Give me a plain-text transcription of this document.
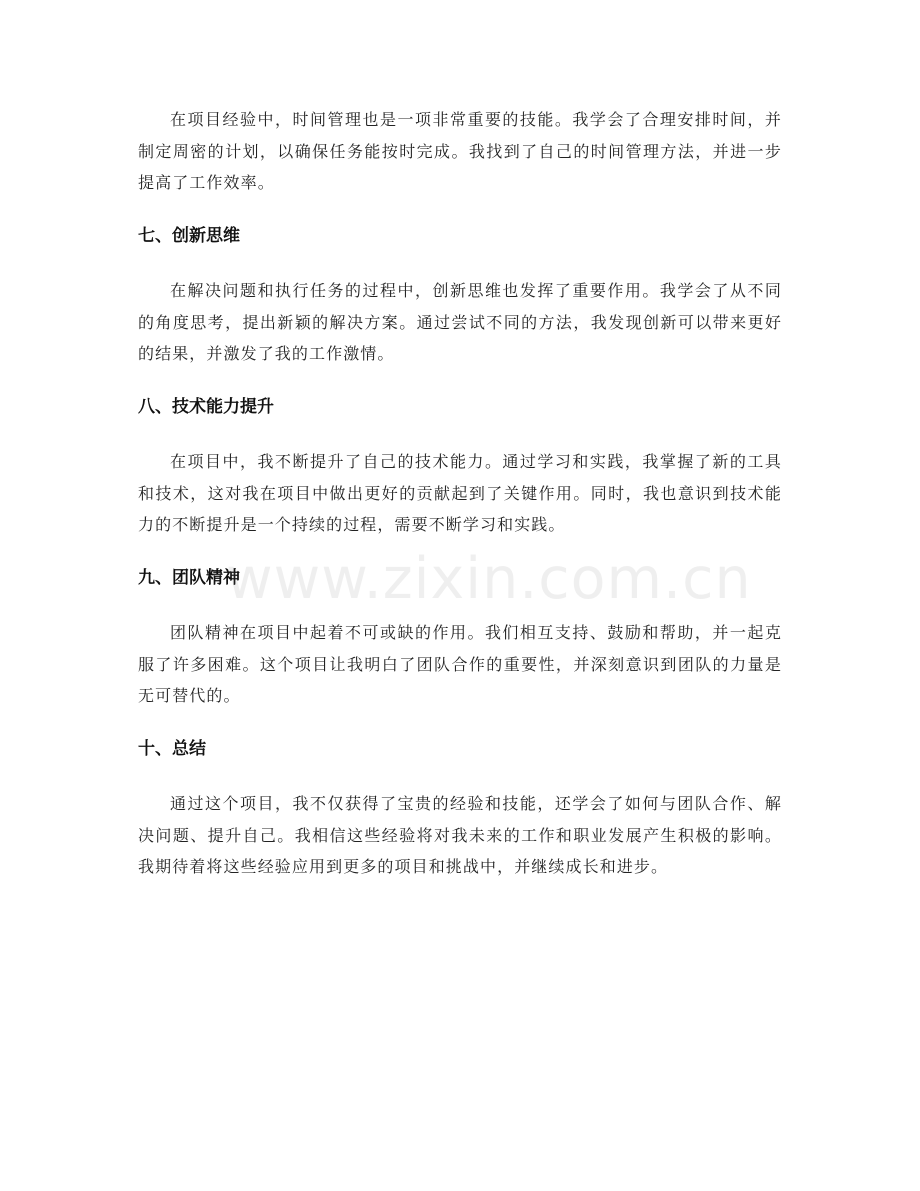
在项目经验中，时间管理也是一项非常重要的技能。我学会了合理安排时间，并制定周密的计划，以确保任务能按时完成。我找到了自己的时间管理方法，并进一步提高了工作效率。

七、创新思维

在解决问题和执行任务的过程中，创新思维也发挥了重要作用。我学会了从不同的角度思考，提出新颖的解决方案。通过尝试不同的方法，我发现创新可以带来更好的结果，并激发了我的工作激情。

八、技术能力提升

在项目中，我不断提升了自己的技术能力。通过学习和实践，我掌握了新的工具和技术，这对我在项目中做出更好的贡献起到了关键作用。同时，我也意识到技术能力的不断提升是一个持续的过程，需要不断学习和实践。

九、团队精神

团队精神在项目中起着不可或缺的作用。我们相互支持、鼓励和帮助，并一起克服了许多困难。这个项目让我明白了团队合作的重要性，并深刻意识到团队的力量是无可替代的。

十、总结

通过这个项目，我不仅获得了宝贵的经验和技能，还学会了如何与团队合作、解决问题、提升自己。我相信这些经验将对我未来的工作和职业发展产生积极的影响。我期待着将这些经验应用到更多的项目和挑战中，并继续成长和进步。

www.zixin.com.cn
